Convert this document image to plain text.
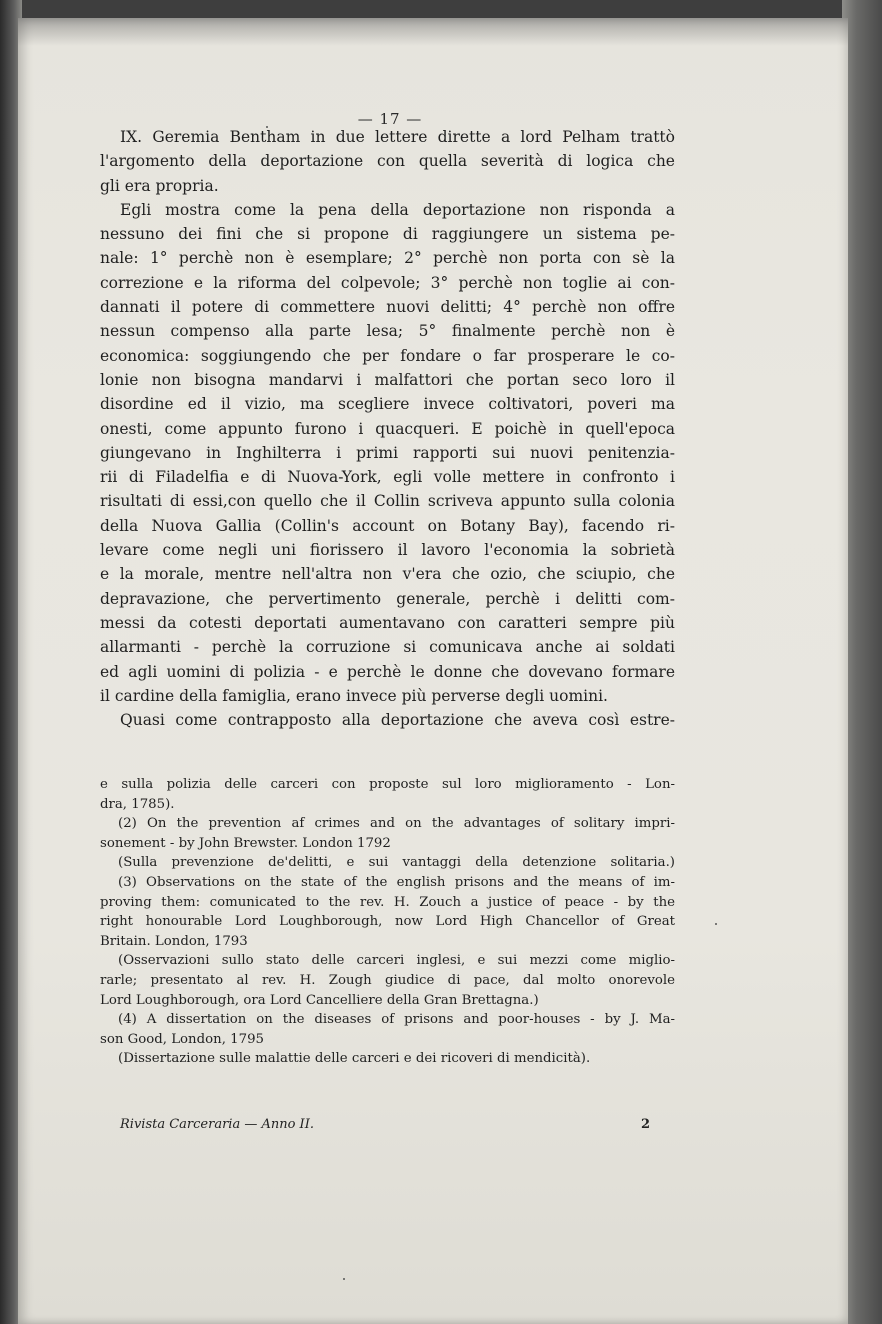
— 17 —

IX. Geremia Bentham in due lettere dirette a lord Pelham trattò
l'argomento della deportazione con quella severità di logica che
gli era propria.
Egli mostra come la pena della deportazione non risponda a
nessuno dei fini che si propone di raggiungere un sistema pe-
nale: 1° perchè non è esemplare; 2° perchè non porta con sè la
correzione e la riforma del colpevole; 3° perchè non toglie ai con-
dannati il potere di commettere nuovi delitti; 4° perchè non offre
nessun compenso alla parte lesa; 5° finalmente perchè non è
economica: soggiungendo che per fondare o far prosperare le co-
lonie non bisogna mandarvi i malfattori che portan seco loro il
disordine ed il vizio, ma scegliere invece coltivatori, poveri ma
onesti, come appunto furono i quacqueri. E poichè in quell'epoca
giungevano in Inghilterra i primi rapporti sui nuovi penitenzia-
rii di Filadelfia e di Nuova-York, egli volle mettere in confronto i
risultati di essi,con quello che il Collin scriveva appunto sulla colonia
della Nuova Gallia (Collin's account on Botany Bay), facendo ri-
levare come negli uni fiorissero il lavoro l'economia la sobrietà
e la morale, mentre nell'altra non v'era che ozio, che sciupio, che
depravazione, che pervertimento generale, perchè i delitti com-
messi da cotesti deportati aumentavano con caratteri sempre più
allarmanti - perchè la corruzione si comunicava anche ai soldati
ed agli uomini di polizia - e perchè le donne che dovevano formare
il cardine della famiglia, erano invece più perverse degli uomini.
Quasi come contrapposto alla deportazione che aveva così estre-

e sulla polizia delle carceri con proposte sul loro miglioramento - Lon-
dra, 1785).
(2) On the prevention af crimes and on the advantages of solitary impri-
sonement - by John Brewster. London 1792
(Sulla prevenzione de'delitti, e sui vantaggi della detenzione solitaria.)
(3) Observations on the state of the english prisons and the means of im-
proving them: comunicated to the rev. H. Zouch a justice of peace - by the
right honourable Lord Loughborough, now Lord High Chancellor of Great
Britain. London, 1793
(Osservazioni sullo stato delle carceri inglesi, e sui mezzi come miglio-
rarle; presentato al rev. H. Zough giudice di pace, dal molto onorevole
Lord Loughborough, ora Lord Cancelliere della Gran Brettagna.)
(4) A dissertation on the diseases of prisons and poor-houses - by J. Ma-
son Good, London, 1795
(Dissertazione sulle malattie delle carceri e dei ricoveri di mendicità).
Rivista Carceraria — Anno II.	2
